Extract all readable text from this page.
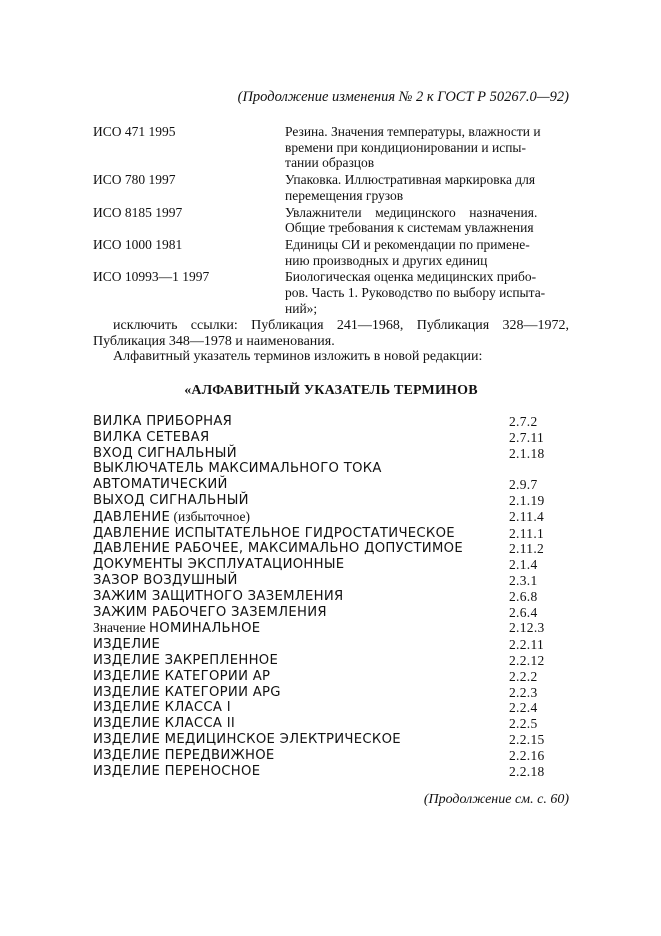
(Продолжение изменения № 2 к ГОСТ Р 50267.0—92)
ИСО 471 1995	Резина. Значения температуры, влажности и
времени при кондиционировании и испы-
тании образцов
ИСО 780 1997	Упаковка. Иллюстративная маркировка для
перемещения грузов
ИСО 8185 1997	Увлажнители    медицинского    назначения.
Общие требования к системам увлажнения
ИСО 1000 1981	Единицы СИ и рекомендации по примене-
нию производных и других единиц
ИСО 10993—1 1997	Биологическая оценка медицинских прибо-
ров. Часть 1. Руководство по выбору испыта-
ний»;
исключить ссылки: Публикация 241—1968, Публикация 328—1972, Публикация 348—1978 и наименования.
Алфавитный указатель терминов изложить в новой редакции:
«АЛФАВИТНЫЙ УКАЗАТЕЛЬ ТЕРМИНОВ
ВИЛКА ПРИБОРНАЯ	2.7.2
ВИЛКА СЕТЕВАЯ	2.7.11
ВХОД СИГНАЛЬНЫЙ	2.1.18
ВЫКЛЮЧАТЕЛЬ МАКСИМАЛЬНОГО ТОКА
АВТОМАТИЧЕСКИЙ	2.9.7
ВЫХОД СИГНАЛЬНЫЙ	2.1.19
ДАВЛЕНИЕ (избыточное)	2.11.4
ДАВЛЕНИЕ ИСПЫТАТЕЛЬНОЕ ГИДРОСТАТИЧЕСКОЕ	2.11.1
ДАВЛЕНИЕ РАБОЧЕЕ, МАКСИМАЛЬНО ДОПУСТИМОЕ	2.11.2
ДОКУМЕНТЫ ЭКСПЛУАТАЦИОННЫЕ	2.1.4
ЗАЗОР ВОЗДУШНЫЙ	2.3.1
ЗАЖИМ ЗАЩИТНОГО ЗАЗЕМЛЕНИЯ	2.6.8
ЗАЖИМ РАБОЧЕГО ЗАЗЕМЛЕНИЯ	2.6.4
Значение НОМИНАЛЬНОЕ	2.12.3
ИЗДЕЛИЕ	2.2.11
ИЗДЕЛИЕ ЗАКРЕПЛЕННОЕ	2.2.12
ИЗДЕЛИЕ КАТЕГОРИИ АР	2.2.2
ИЗДЕЛИЕ КАТЕГОРИИ APG	2.2.3
ИЗДЕЛИЕ КЛАССА I	2.2.4
ИЗДЕЛИЕ КЛАССА II	2.2.5
ИЗДЕЛИЕ МЕДИЦИНСКОЕ ЭЛЕКТРИЧЕСКОЕ	2.2.15
ИЗДЕЛИЕ ПЕРЕДВИЖНОЕ	2.2.16
ИЗДЕЛИЕ ПЕРЕНОСНОЕ	2.2.18
(Продолжение см. с. 60)
